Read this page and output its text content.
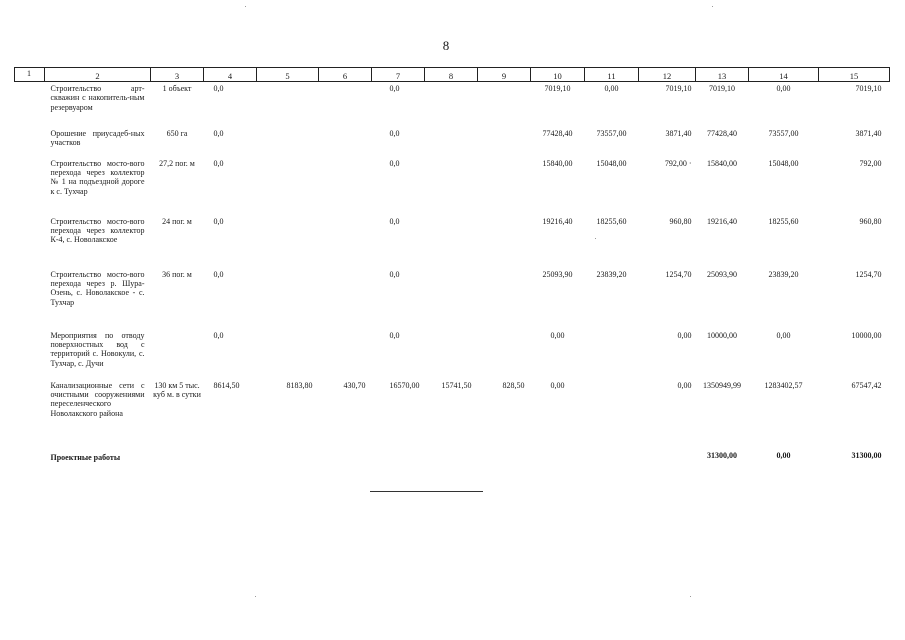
8
1	2	3	4	5	6	7	8	9	10	11	12	13	14	15
	Строительство арт-скважин с накопитель-ным резервуаром	1 объект	0,0			0,0			7019,10	0,00	7019,10	7019,10	0,00	7019,10
	Орошение приусадеб-ных участков	650 га	0,0			0,0			77428,40	73557,00	3871,40	77428,40	73557,00	3871,40
	Строительство мосто-вого перехода через коллектор № 1 на подъездной дороге к с. Тухчар	27,2 пог. м	0,0			0,0			15840,00	15048,00	792,00 ·	15840,00	15048,00	792,00
	Строительство мосто-вого перехода через коллектор К-4, с. Новолакское	24 пог. м	0,0			0,0			19216,40	18255,60	960,80	19216,40	18255,60	960,80
	Строительство мосто-вого перехода через р. Шура-Озень, с. Новолакское - с. Тухчар	36 пог. м	0,0			0,0			25093,90	23839,20	1254,70	25093,90	23839,20	1254,70
	Мероприятия по отводу поверхностных вод с территорий с. Новокули, с. Тухчар, с. Дучи		0,0			0,0			0,00		0,00	10000,00	0,00	10000,00
	Канализационные сети с очистными сооружениями переселенческого Новолакского района	130 км 5 тыс. куб м. в сутки	8614,50	8183,80	430,70	16570,00	15741,50	828,50	0,00		0,00	1350949,99	1283402,57	67547,42
	Проектные работы											31300,00	0,00	31300,00
